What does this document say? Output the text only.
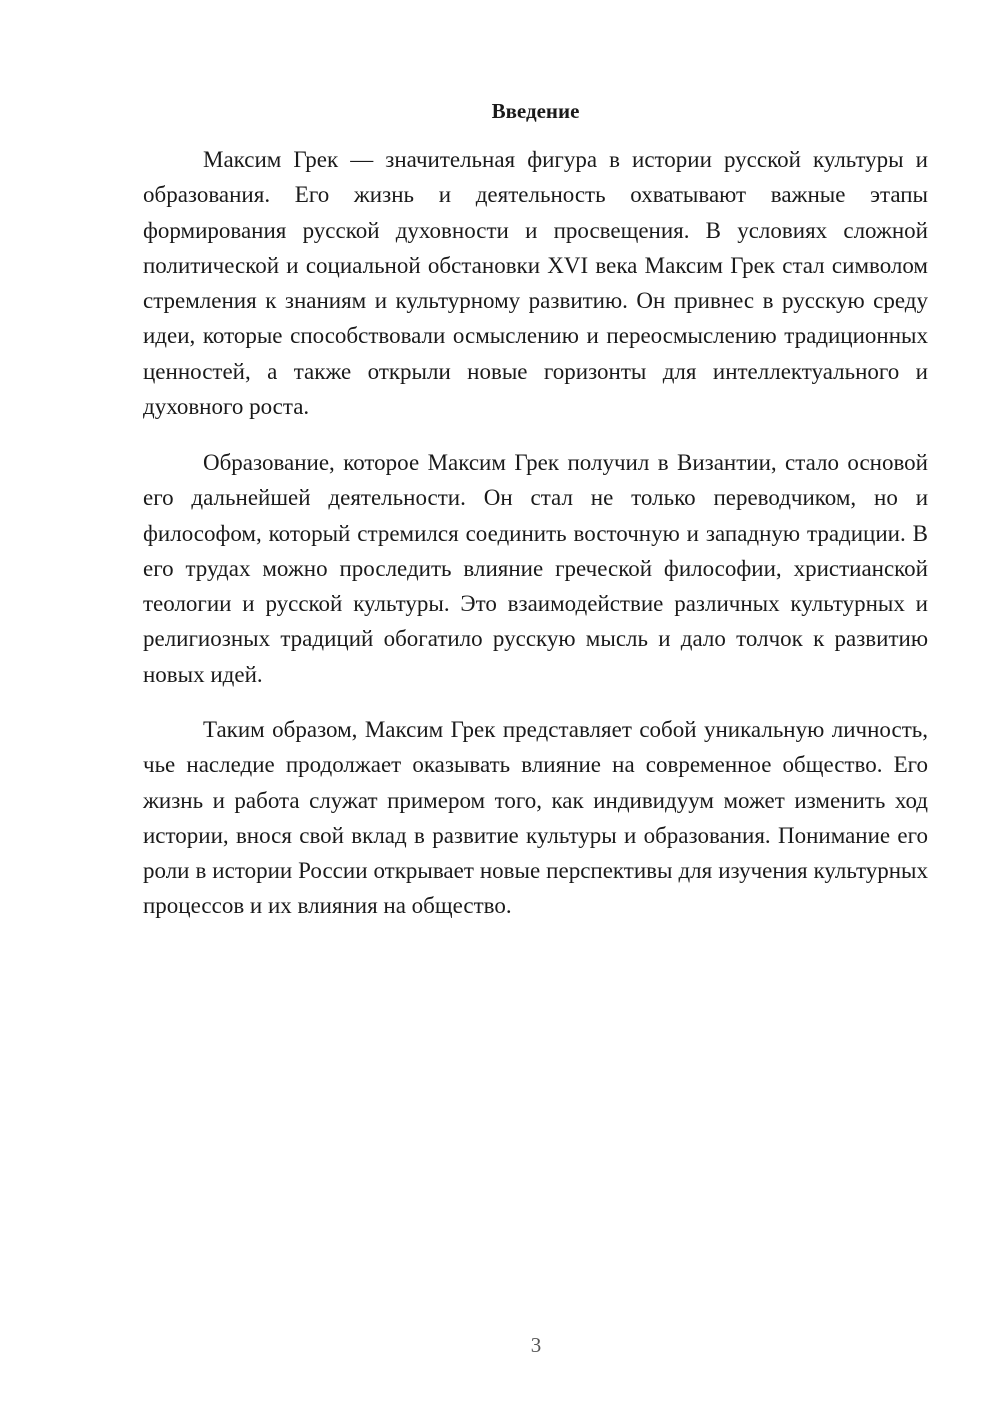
Введение

Максим Грек — значительная фигура в истории русской культуры и образования. Его жизнь и деятельность охватывают важные этапы формирования русской духовности и просвещения. В условиях сложной политической и социальной обстановки XVI века Максим Грек стал символом стремления к знаниям и культурному развитию. Он привнес в русскую среду идеи, которые способствовали осмыслению и переосмыслению традиционных ценностей, а также открыли новые горизонты для интеллектуального и духовного роста.

Образование, которое Максим Грек получил в Византии, стало основой его дальнейшей деятельности. Он стал не только переводчиком, но и философом, который стремился соединить восточную и западную традиции. В его трудах можно проследить влияние греческой философии, христианской теологии и русской культуры. Это взаимодействие различных культурных и религиозных традиций обогатило русскую мысль и дало толчок к развитию новых идей.

Таким образом, Максим Грек представляет собой уникальную личность, чье наследие продолжает оказывать влияние на современное общество. Его жизнь и работа служат примером того, как индивидуум может изменить ход истории, внося свой вклад в развитие культуры и образования. Понимание его роли в истории России открывает новые перспективы для изучения культурных процессов и их влияния на общество.

3
